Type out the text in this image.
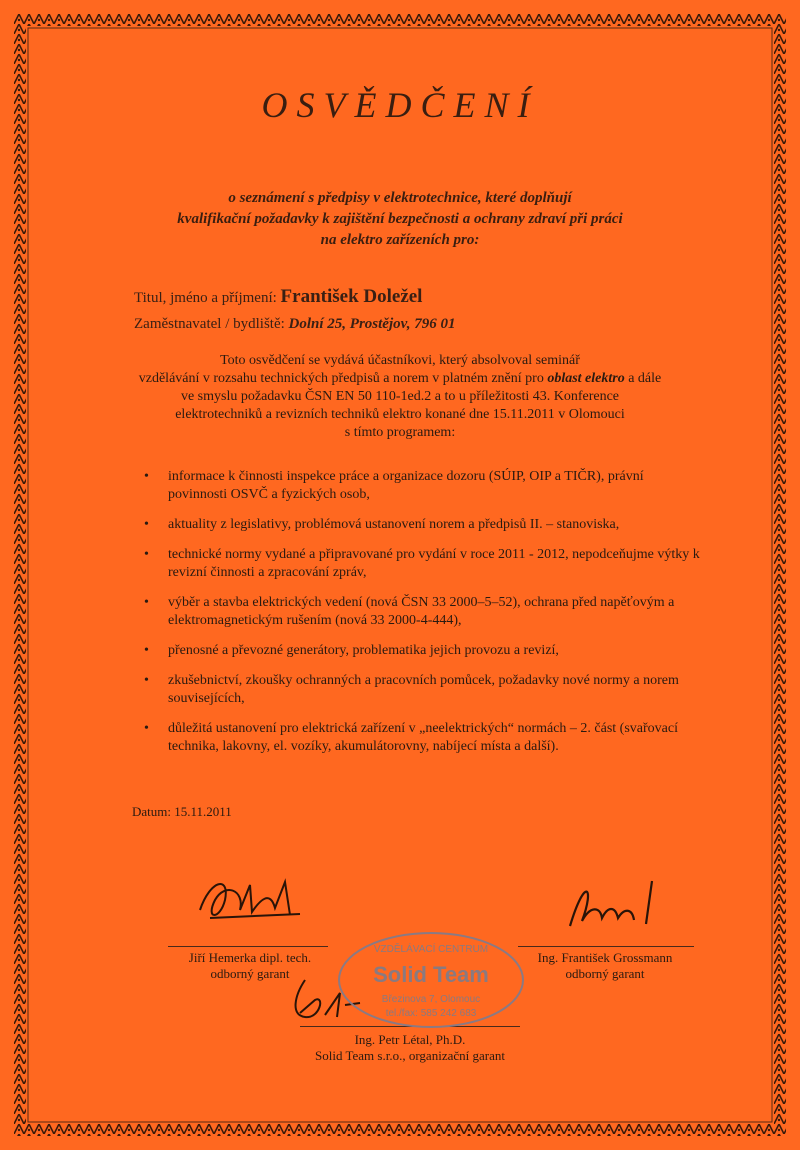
OSVĚDČENÍ
o seznámení s předpisy v elektrotechnice, které doplňují
kvalifikační požadavky k zajištění bezpečnosti a ochrany zdraví při práci
na elektro zařízeních pro:
Titul, jméno a příjmení: František Doležel
Zaměstnavatel / bydliště: Dolní 25, Prostějov, 796 01
Toto osvědčení se vydává účastníkovi, který absolvoval seminář
vzdělávání v rozsahu technických předpisů a norem v platném znění pro oblast elektro a dále
ve smyslu požadavku ČSN EN 50 110-1ed.2 a to u příležitosti 43. Konference
elektrotechniků a revizních techniků elektro konané dne 15.11.2011 v Olomouci
s tímto programem:
• informace k činnosti inspekce práce a organizace dozoru (SÚIP, OIP a TIČR), právní povinnosti OSVČ a fyzických osob,
• aktuality z legislativy, problémová ustanovení norem a předpisů II. – stanoviska,
• technické normy vydané a připravované pro vydání v roce 2011 - 2012, nepodceňujme výtky k revizní činnosti a zpracování zpráv,
• výběr a stavba elektrických vedení (nová ČSN 33 2000–5–52), ochrana před napěťovým a elektromagnetickým rušením (nová 33 2000-4-444),
• přenosné a převozné generátory, problematika jejich provozu a revizí,
• zkušebnictví, zkoušky ochranných a pracovních pomůcek, požadavky nové normy a norem souvisejících,
• důležitá ustanovení pro elektrická zařízení v „neelektrických“ normách – 2. část (svařovací technika, lakovny, el. vozíky, akumulátorovny, nabíjecí místa a další).
Datum: 15.11.2011
VZDĚLÁVACÍ CENTRUM
Solid Team
Březinova 7, Olomouc
tel./fax: 585 242 683
Jiří Hemerka dipl. tech.
odborný garant
Ing. František Grossmann
odborný garant
Ing. Petr Létal, Ph.D.
Solid Team s.r.o., organizační garant
